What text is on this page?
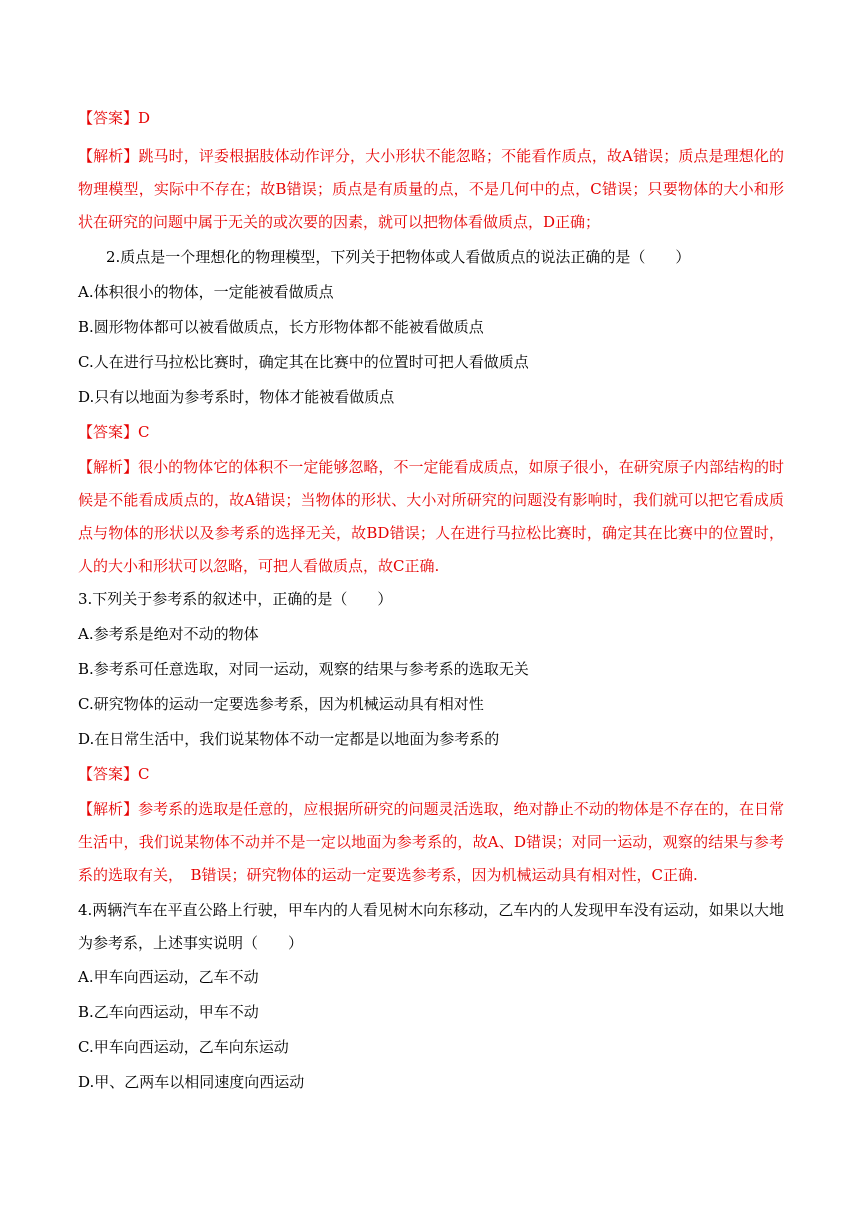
【答案】D

【解析】跳马时，评委根据肢体动作评分，大小形状不能忽略；不能看作质点，故A错误；质点是理想化的物理模型，实际中不存在；故B错误；质点是有质量的点，不是几何中的点，C错误；只要物体的大小和形状在研究的问题中属于无关的或次要的因素，就可以把物体看做质点，D正确；

2.质点是一个理想化的物理模型，下列关于把物体或人看做质点的说法正确的是（　　）

A.体积很小的物体，一定能被看做质点

B.圆形物体都可以被看做质点，长方形物体都不能被看做质点

C.人在进行马拉松比赛时，确定其在比赛中的位置时可把人看做质点

D.只有以地面为参考系时，物体才能被看做质点

【答案】C

【解析】很小的物体它的体积不一定能够忽略，不一定能看成质点，如原子很小，在研究原子内部结构的时候是不能看成质点的，故A错误；当物体的形状、大小对所研究的问题没有影响时，我们就可以把它看成质点与物体的形状以及参考系的选择无关，故BD错误；人在进行马拉松比赛时，确定其在比赛中的位置时，人的大小和形状可以忽略，可把人看做质点，故C正确.

3.下列关于参考系的叙述中，正确的是（　　）

A.参考系是绝对不动的物体

B.参考系可任意选取，对同一运动，观察的结果与参考系的选取无关

C.研究物体的运动一定要选参考系，因为机械运动具有相对性

D.在日常生活中，我们说某物体不动一定都是以地面为参考系的

【答案】C

【解析】参考系的选取是任意的，应根据所研究的问题灵活选取，绝对静止不动的物体是不存在的，在日常生活中，我们说某物体不动并不是一定以地面为参考系的，故A、D错误；对同一运动，观察的结果与参考系的选取有关，　B错误；研究物体的运动一定要选参考系，因为机械运动具有相对性，C正确.

4.两辆汽车在平直公路上行驶，甲车内的人看见树木向东移动，乙车内的人发现甲车没有运动，如果以大地为参考系，上述事实说明（　　）

A.甲车向西运动，乙车不动

B.乙车向西运动，甲车不动

C.甲车向西运动，乙车向东运动

D.甲、乙两车以相同速度向西运动
